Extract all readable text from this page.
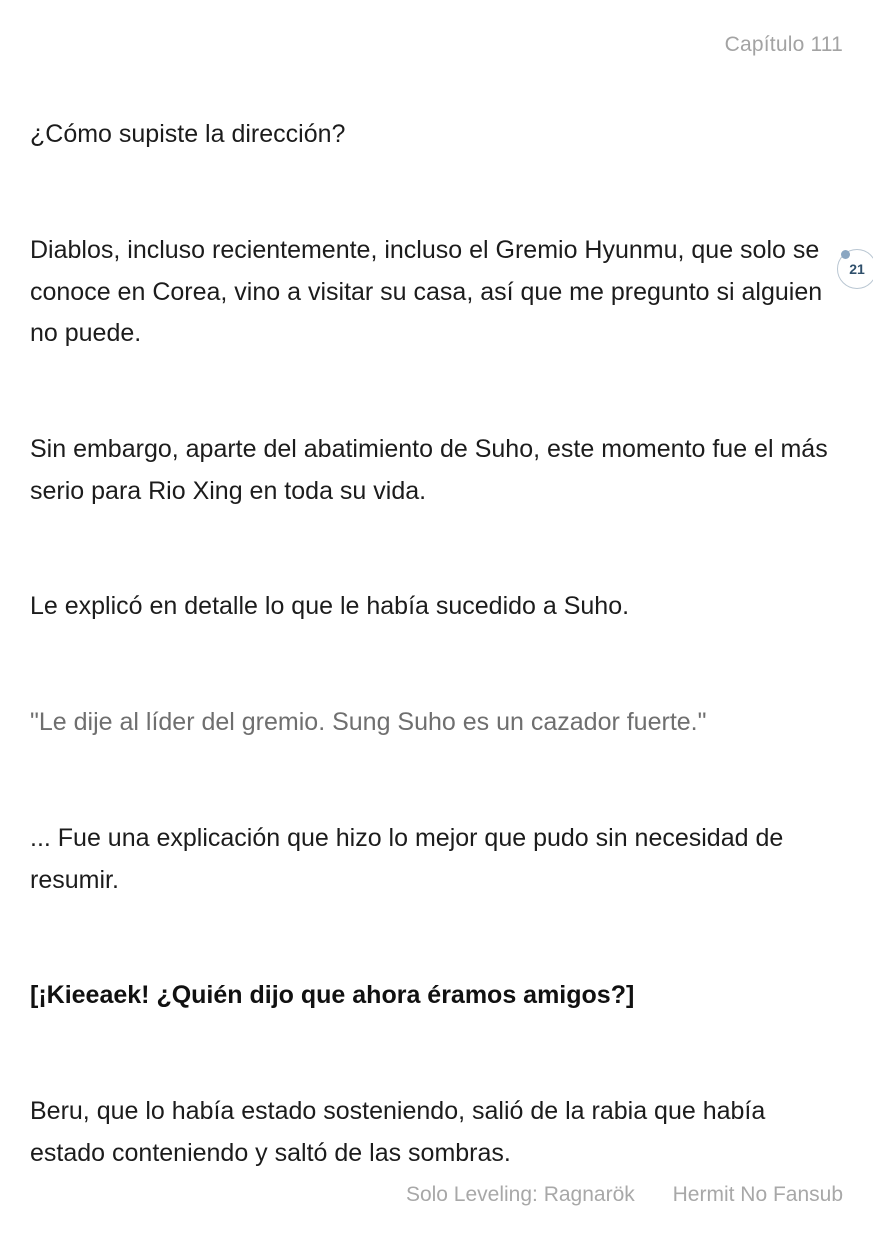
Capítulo 111

¿Cómo supiste la dirección?

Diablos, incluso recientemente, incluso el Gremio Hyunmu, que solo se conoce en Corea, vino a visitar su casa, así que me pregunto si alguien no puede.

Sin embargo, aparte del abatimiento de Suho, este momento fue el más serio para Rio Xing en toda su vida.

Le explicó en detalle lo que le había sucedido a Suho.

"Le dije al líder del gremio. Sung Suho es un cazador fuerte."

... Fue una explicación que hizo lo mejor que pudo sin necesidad de resumir.

[¡Kieeaek! ¿Quién dijo que ahora éramos amigos?]

Beru, que lo había estado sosteniendo, salió de la rabia que había estado conteniendo y saltó de las sombras.

21
Solo Leveling: Ragnarök Hermit No Fansub
